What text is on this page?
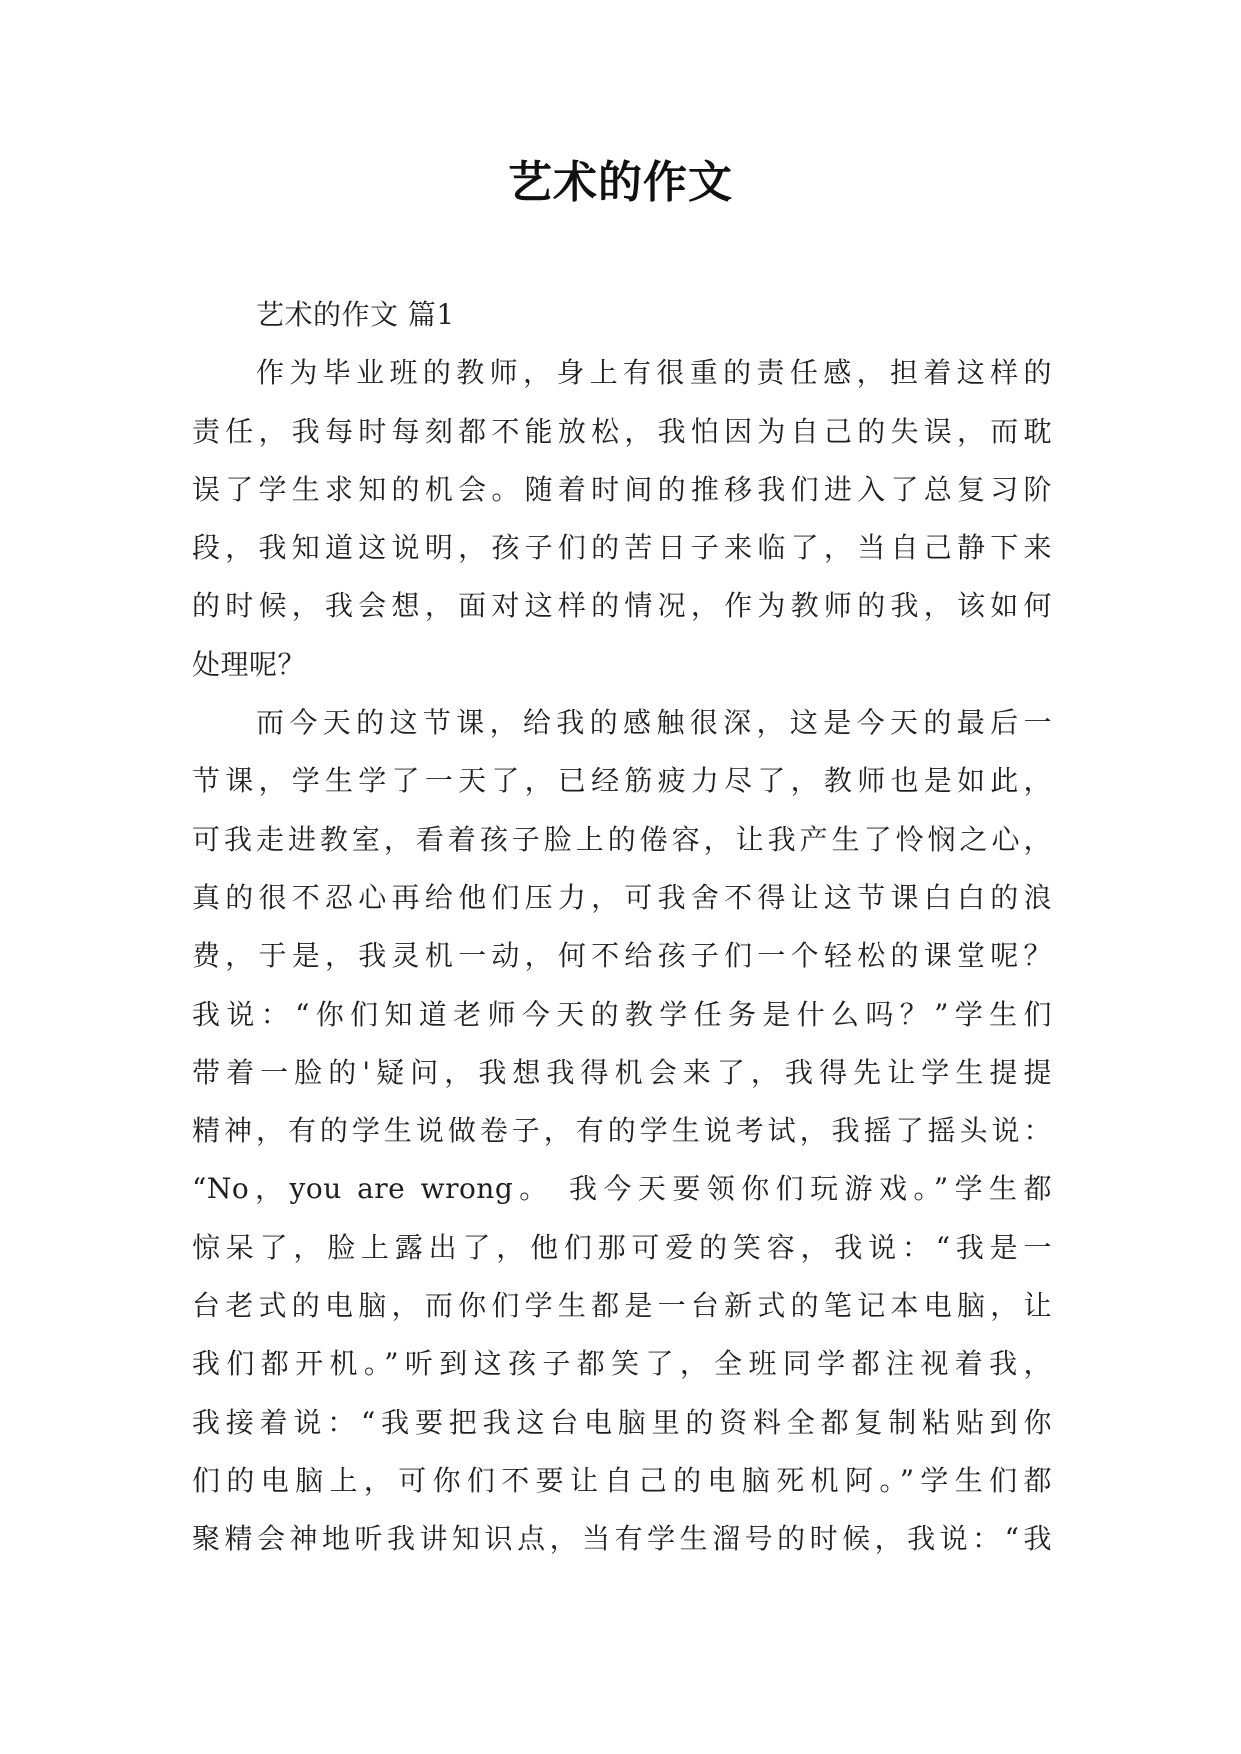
艺术的作文
艺术的作文 篇1
作为毕业班的教师，身上有很重的责任感，担着这样的
责任，我每时每刻都不能放松，我怕因为自己的失误，而耽
误了学生求知的机会。随着时间的推移我们进入了总复习阶
段，我知道这说明，孩子们的苦日子来临了，当自己静下来
的时候，我会想，面对这样的情况，作为教师的我，该如何
处理呢？
而今天的这节课，给我的感触很深，这是今天的最后一
节课，学生学了一天了，已经筋疲力尽了，教师也是如此，
可我走进教室，看着孩子脸上的倦容，让我产生了怜悯之心，
真的很不忍心再给他们压力，可我舍不得让这节课白白的浪
费，于是，我灵机一动，何不给孩子们一个轻松的课堂呢？
我说：“你们知道老师今天的教学任务是什么吗？”学生们
带着一脸的'疑问，我想我得机会来了，我得先让学生提提
精神，有的学生说做卷子，有的学生说考试，我摇了摇头说：
“No，you are wrong。 我今天要领你们玩游戏。”学生都
惊呆了，脸上露出了，他们那可爱的笑容，我说：“我是一
台老式的电脑，而你们学生都是一台新式的笔记本电脑，让
我们都开机。”听到这孩子都笑了，全班同学都注视着我，
我接着说：“我要把我这台电脑里的资料全都复制粘贴到你
们的电脑上，可你们不要让自己的电脑死机阿。”学生们都
聚精会神地听我讲知识点，当有学生溜号的时候，我说：“我
